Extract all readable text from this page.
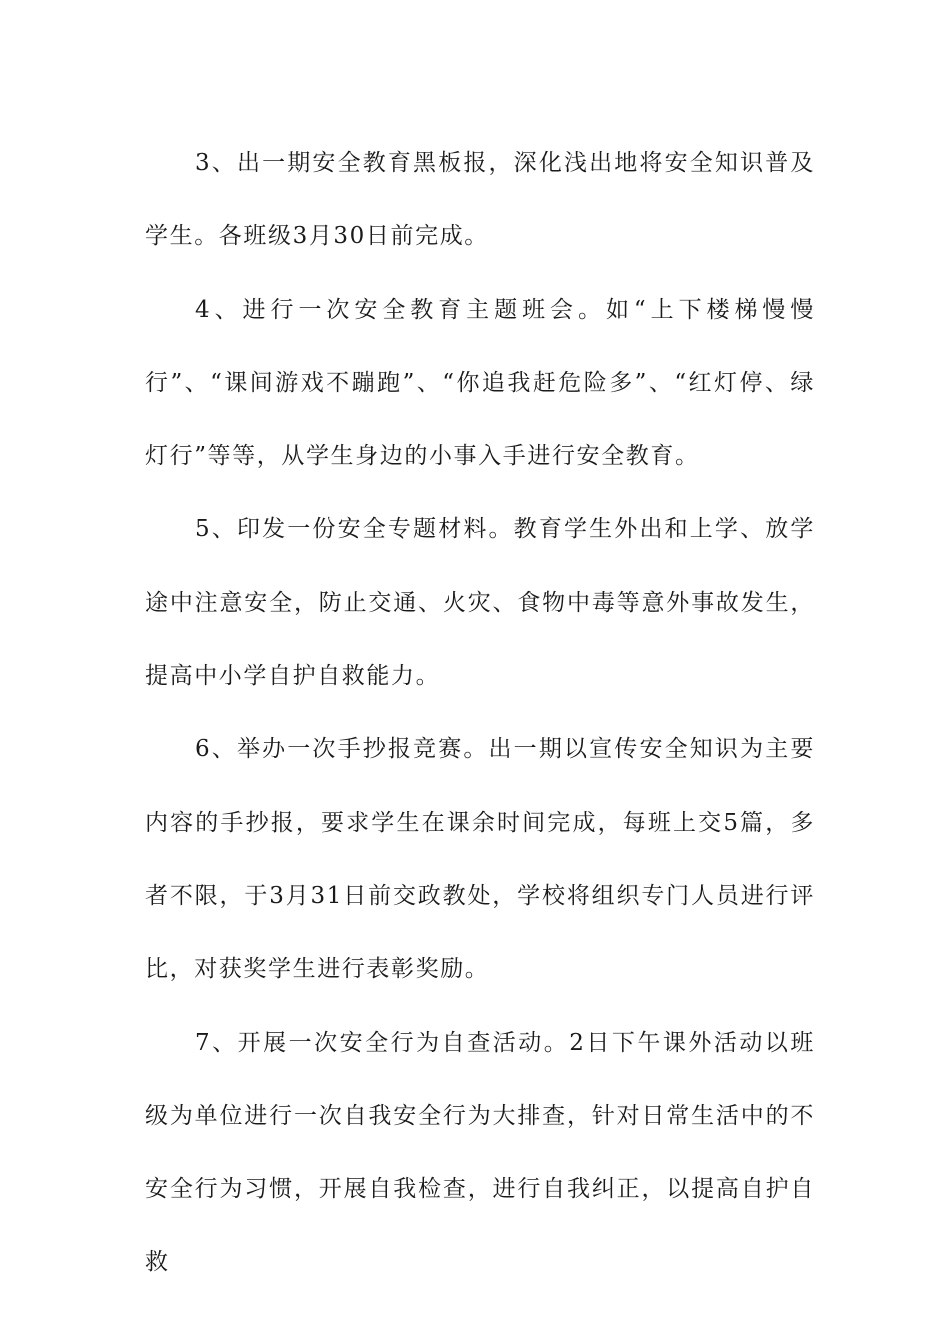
3、出一期安全教育黑板报，深化浅出地将安全知识普及学生。各班级3月30日前完成。

4、进行一次安全教育主题班会。如“上下楼梯慢慢行”、“课间游戏不蹦跑”、“你追我赶危险多”、“红灯停、绿灯行”等等，从学生身边的小事入手进行安全教育。

5、印发一份安全专题材料。教育学生外出和上学、放学途中注意安全，防止交通、火灾、食物中毒等意外事故发生，提高中小学自护自救能力。

6、举办一次手抄报竞赛。出一期以宣传安全知识为主要内容的手抄报，要求学生在课余时间完成，每班上交5篇，多者不限，于3月31日前交政教处，学校将组织专门人员进行评比，对获奖学生进行表彰奖励。

7、开展一次安全行为自查活动。2日下午课外活动以班级为单位进行一次自我安全行为大排查，针对日常生活中的不安全行为习惯，开展自我检查，进行自我纠正，以提高自护自救
